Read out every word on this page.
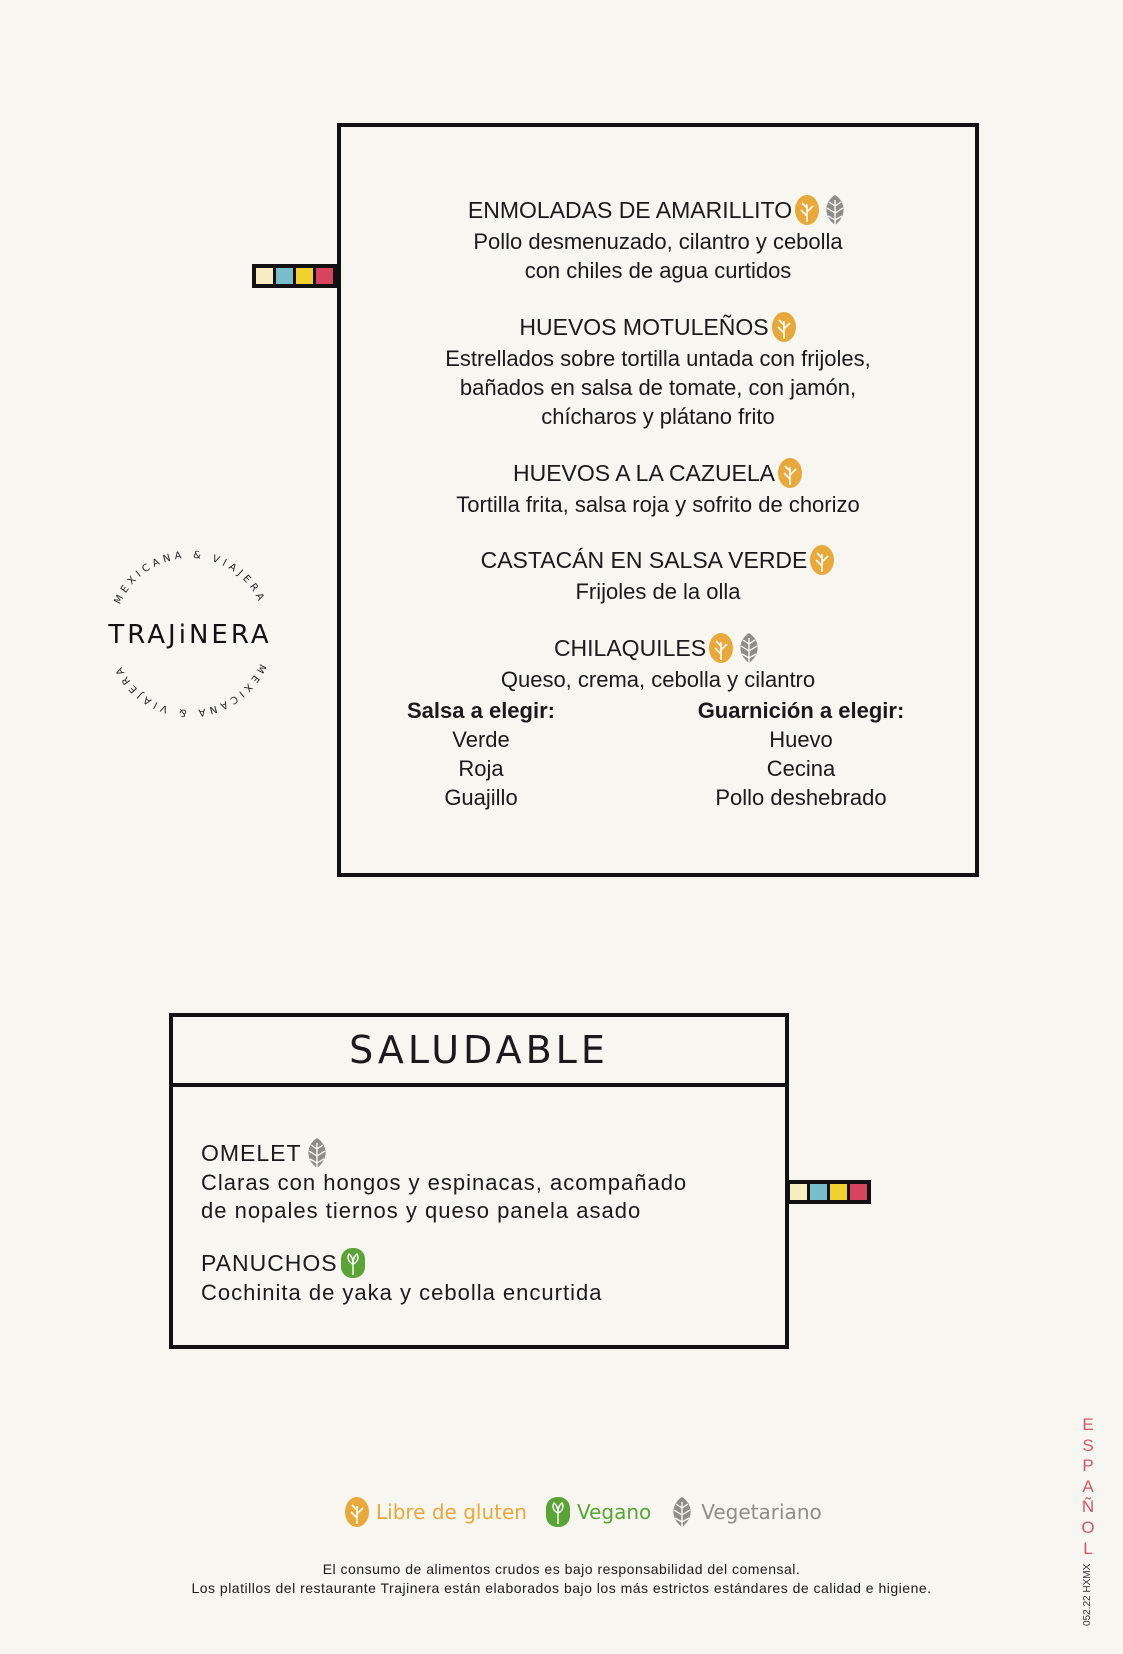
ENMOLADAS DE AMARILLITO
Pollo desmenuzado, cilantro y cebolla
con chiles de agua curtidos
HUEVOS MOTULEÑOS
Estrellados sobre tortilla untada con frijoles,
bañados en salsa de tomate, con jamón,
chícharos y plátano frito
HUEVOS A LA CAZUELA
Tortilla frita, salsa roja y sofrito de chorizo
CASTACÁN EN SALSA VERDE
Frijoles de la olla
CHILAQUILES
Queso, crema, cebolla y cilantro
Salsa a elegir:
Verde
Roja
Guajillo
Guarnición a elegir:
Huevo
Cecina
Pollo deshebrado
MEXICANA & VIAJERA
MEXICANA & VIAJERA
TRAJiNERA
SALUDABLE
OMELET
Claras con hongos y espinacas, acompañado
de nopales tiernos y queso panela asado
PANUCHOS
Cochinita de yaka y cebolla encurtida
Libre de gluten	Vegano	Vegetariano
El consumo de alimentos crudos es bajo responsabilidad del comensal.
Los platillos del restaurante Trajinera están elaborados bajo los más estrictos estándares de calidad e higiene.
ESPAÑOL
052.22 HXMX
